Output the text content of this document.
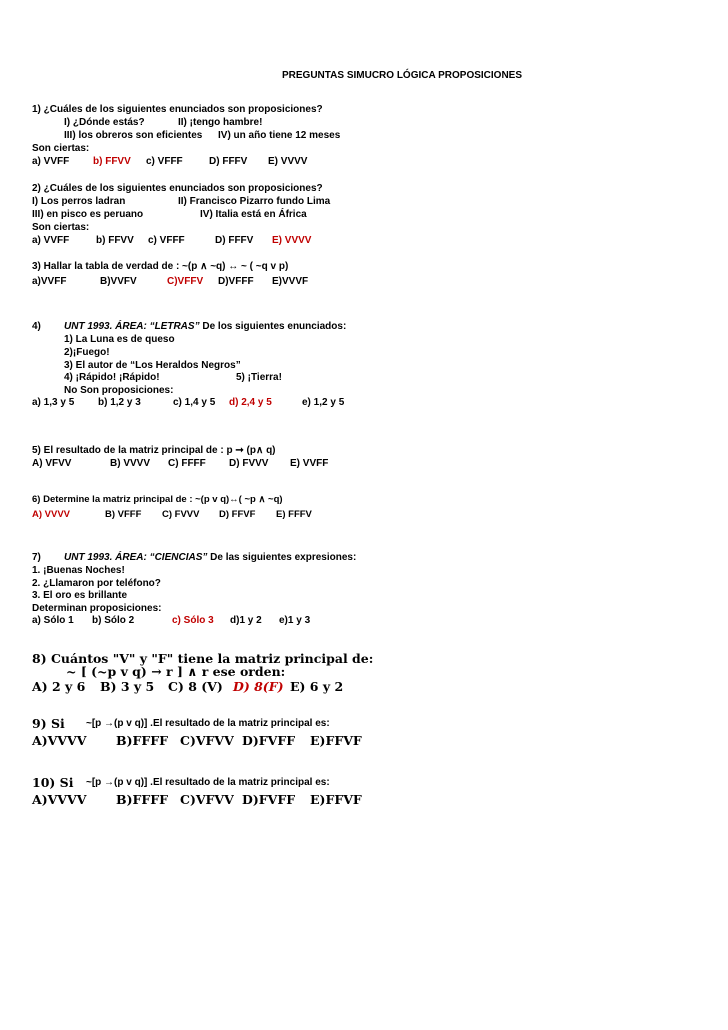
PREGUNTAS SIMUCRO LÓGICA PROPOSICIONES
1) ¿Cuáles de los siguientes enunciados son proposiciones?
I) ¿Dónde estás?	II) ¡tengo hambre!
III) los obreros son eficientes IV) un año tiene 12 meses
Son ciertas:
a) VVFF b) FFVV c) VFFF	D) FFFV E) VVVV
2) ¿Cuáles de los siguientes enunciados son proposiciones?
I) Los perros ladran	II) Francisco Pizarro fundo Lima
III) en pisco es peruano	IV) Italia está en África
Son ciertas:
a) VVFF	b) FFVV c) VFFF	D) FFFV E) VVVV
3) Hallar la tabla de verdad de : ~(p ∧ ~q) ↔ ~ ( ~q v p)
a)VVFF	B)VVFV	C)VFFV D)VFFF E)VVVF
4) UNT 1993. ÁREA: “LETRAS” De los siguientes enunciados:
1) La Luna es de queso
2)¡Fuego!
3) El autor de “Los Heraldos Negros”
4) ¡Rápido! ¡Rápido!	5) ¡Tierra!
No Son proposiciones:
a) 1,3 y 5 b) 1,2 y 3	c) 1,4 y 5 d) 2,4 y 5	e) 1,2 y 5
5) El resultado de la matriz principal de : p ➞ (p∧ q)
A) VFVV	B) VVVV C) FFFF D) FVVV E) VVFF
6) Determine la matriz principal de : ~(p v q)↔( ~p ∧ ~q)
A) VVVV	B) VFFF C) FVVV D) FFVF E) FFFV
7) UNT 1993. ÁREA: “CIENCIAS” De las siguientes expresiones:
1. ¡Buenas Noches!
2. ¿Llamaron por teléfono?
3. El oro es brillante
Determinan proposiciones:
a) Sólo 1 b) Sólo 2	c) Sólo 3 d)1 y 2 e)1 y 3
8) Cuántos "V" y "F" tiene la matriz principal de:
~ [ (~p v q) → r ] ∧ r ese orden:
A) 2 y 6 B) 3 y 5 C) 8 (V) D) 8(F) E) 6 y 2
9) Si ~[p →(p v q)] .El resultado de la matriz principal es:
A)VVVV B)FFFF C)VFVV D)FVFF E)FFVF
10) Si ~[p →(p v q)] .El resultado de la matriz principal es:
A)VVVV B)FFFF C)VFVV D)FVFF E)FFVF
